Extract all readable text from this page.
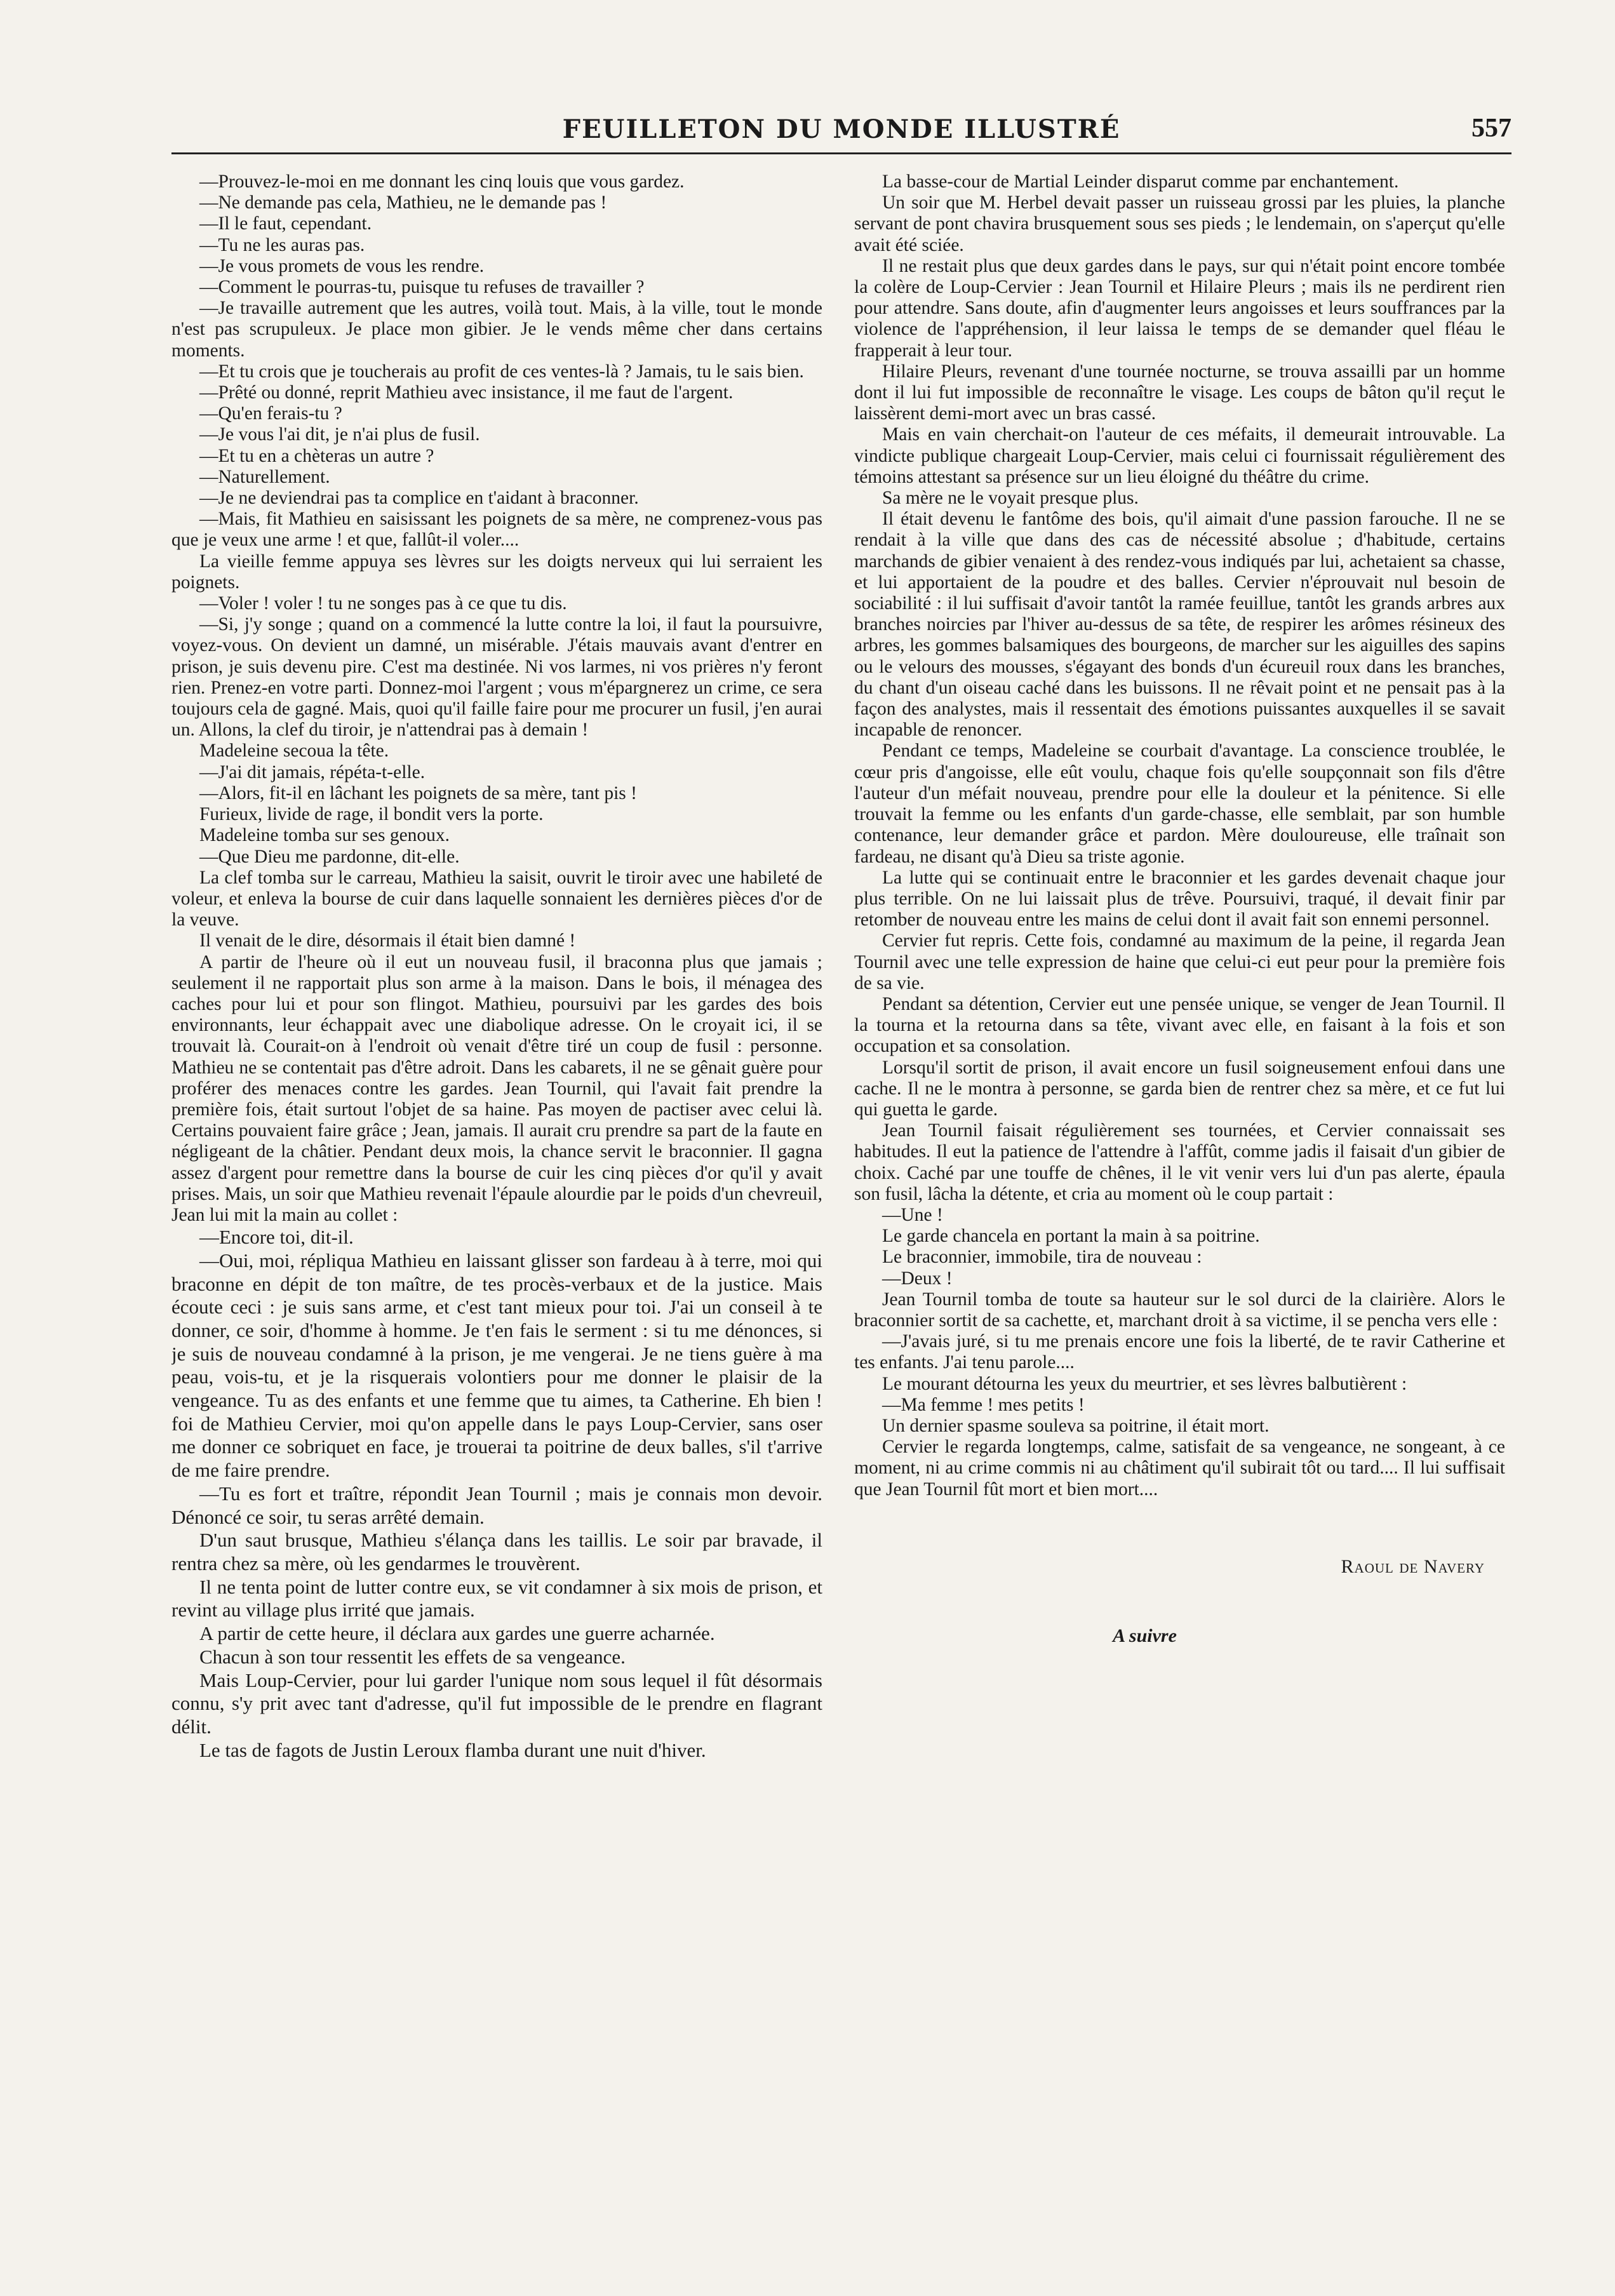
FEUILLETON DU MONDE ILLUSTRÉ	557

—Prouvez-le-moi en me donnant les cinq louis que vous gardez.

—Ne demande pas cela, Mathieu, ne le demande pas !

—Il le faut, cependant.

—Tu ne les auras pas.

—Je vous promets de vous les rendre.

—Comment le pourras-tu, puisque tu refuses de travailler ?

—Je travaille autrement que les autres, voilà tout. Mais, à la ville, tout le monde n'est pas scrupuleux. Je place mon gibier. Je le vends même cher dans certains moments.

—Et tu crois que je toucherais au profit de ces ventes-là ? Jamais, tu le sais bien.

—Prêté ou donné, reprit Mathieu avec insistance, il me faut de l'argent.

—Qu'en ferais-tu ?

—Je vous l'ai dit, je n'ai plus de fusil.

—Et tu en a chèteras un autre ?

—Naturellement.

—Je ne deviendrai pas ta complice en t'aidant à braconner.

—Mais, fit Mathieu en saisissant les poignets de sa mère, ne comprenez-vous pas que je veux une arme ! et que, fallût-il voler....

La vieille femme appuya ses lèvres sur les doigts nerveux qui lui serraient les poignets.

—Voler ! voler ! tu ne songes pas à ce que tu dis.

—Si, j'y songe ; quand on a commencé la lutte contre la loi, il faut la poursuivre, voyez-vous. On devient un damné, un misérable. J'étais mauvais avant d'entrer en prison, je suis devenu pire. C'est ma destinée. Ni vos larmes, ni vos prières n'y feront rien. Prenez-en votre parti. Donnez-moi l'argent ; vous m'épargnerez un crime, ce sera toujours cela de gagné. Mais, quoi qu'il faille faire pour me procurer un fusil, j'en aurai un. Allons, la clef du tiroir, je n'attendrai pas à demain !

Madeleine secoua la tête.

—J'ai dit jamais, répéta-t-elle.

—Alors, fit-il en lâchant les poignets de sa mère, tant pis !

Furieux, livide de rage, il bondit vers la porte.

Madeleine tomba sur ses genoux.

—Que Dieu me pardonne, dit-elle.

La clef tomba sur le carreau, Mathieu la saisit, ouvrit le tiroir avec une habileté de voleur, et enleva la bourse de cuir dans laquelle sonnaient les dernières pièces d'or de la veuve.

Il venait de le dire, désormais il était bien damné !

A partir de l'heure où il eut un nouveau fusil, il braconna plus que jamais ; seulement il ne rapportait plus son arme à la maison. Dans le bois, il ménagea des caches pour lui et pour son flingot. Mathieu, poursuivi par les gardes des bois environnants, leur échappait avec une diabolique adresse. On le croyait ici, il se trouvait là. Courait-on à l'endroit où venait d'être tiré un coup de fusil : personne. Mathieu ne se contentait pas d'être adroit. Dans les cabarets, il ne se gênait guère pour proférer des menaces contre les gardes. Jean Tournil, qui l'avait fait prendre la première fois, était surtout l'objet de sa haine. Pas moyen de pactiser avec celui là. Certains pouvaient faire grâce ; Jean, jamais. Il aurait cru prendre sa part de la faute en négligeant de la châtier. Pendant deux mois, la chance servit le braconnier. Il gagna assez d'argent pour remettre dans la bourse de cuir les cinq pièces d'or qu'il y avait prises. Mais, un soir que Mathieu revenait l'épaule alourdie par le poids d'un chevreuil, Jean lui mit la main au collet :

—Encore toi, dit-il.

—Oui, moi, répliqua Mathieu en laissant glisser son fardeau à à terre, moi qui braconne en dépit de ton maître, de tes procès-verbaux et de la justice. Mais écoute ceci : je suis sans arme, et c'est tant mieux pour toi. J'ai un conseil à te donner, ce soir, d'homme à homme. Je t'en fais le serment : si tu me dénonces, si je suis de nouveau condamné à la prison, je me vengerai. Je ne tiens guère à ma peau, vois-tu, et je la risquerais volontiers pour me donner le plaisir de la vengeance. Tu as des enfants et une femme que tu aimes, ta Catherine. Eh bien ! foi de Mathieu Cervier, moi qu'on appelle dans le pays Loup-Cervier, sans oser me donner ce sobriquet en face, je trouerai ta poitrine de deux balles, s'il t'arrive de me faire prendre.

—Tu es fort et traître, répondit Jean Tournil ; mais je connais mon devoir. Dénoncé ce soir, tu seras arrêté demain.

D'un saut brusque, Mathieu s'élança dans les taillis. Le soir par bravade, il rentra chez sa mère, où les gendarmes le trouvèrent.

Il ne tenta point de lutter contre eux, se vit condamner à six mois de prison, et revint au village plus irrité que jamais.

A partir de cette heure, il déclara aux gardes une guerre acharnée.

Chacun à son tour ressentit les effets de sa vengeance.

Mais Loup-Cervier, pour lui garder l'unique nom sous lequel il fût désormais connu, s'y prit avec tant d'adresse, qu'il fut impossible de le prendre en flagrant délit.

Le tas de fagots de Justin Leroux flamba durant une nuit d'hiver.

La basse-cour de Martial Leinder disparut comme par enchantement.

Un soir que M. Herbel devait passer un ruisseau grossi par les pluies, la planche servant de pont chavira brusquement sous ses pieds ; le lendemain, on s'aperçut qu'elle avait été sciée.

Il ne restait plus que deux gardes dans le pays, sur qui n'était point encore tombée la colère de Loup-Cervier : Jean Tournil et Hilaire Pleurs ; mais ils ne perdirent rien pour attendre. Sans doute, afin d'augmenter leurs angoisses et leurs souffrances par la violence de l'appréhension, il leur laissa le temps de se demander quel fléau le frapperait à leur tour.

Hilaire Pleurs, revenant d'une tournée nocturne, se trouva assailli par un homme dont il lui fut impossible de reconnaître le visage. Les coups de bâton qu'il reçut le laissèrent demi-mort avec un bras cassé.

Mais en vain cherchait-on l'auteur de ces méfaits, il demeurait introuvable. La vindicte publique chargeait Loup-Cervier, mais celui ci fournissait régulièrement des témoins attestant sa présence sur un lieu éloigné du théâtre du crime.

Sa mère ne le voyait presque plus.

Il était devenu le fantôme des bois, qu'il aimait d'une passion farouche. Il ne se rendait à la ville que dans des cas de nécessité absolue ; d'habitude, certains marchands de gibier venaient à des rendez-vous indiqués par lui, achetaient sa chasse, et lui apportaient de la poudre et des balles. Cervier n'éprouvait nul besoin de sociabilité : il lui suffisait d'avoir tantôt la ramée feuillue, tantôt les grands arbres aux branches noircies par l'hiver au-dessus de sa tête, de respirer les arômes résineux des arbres, les gommes balsamiques des bourgeons, de marcher sur les aiguilles des sapins ou le velours des mousses, s'égayant des bonds d'un écureuil roux dans les branches, du chant d'un oiseau caché dans les buissons. Il ne rêvait point et ne pensait pas à la façon des analystes, mais il ressentait des émotions puissantes auxquelles il se savait incapable de renoncer.

Pendant ce temps, Madeleine se courbait d'avantage. La conscience troublée, le cœur pris d'angoisse, elle eût voulu, chaque fois qu'elle soupçonnait son fils d'être l'auteur d'un méfait nouveau, prendre pour elle la douleur et la pénitence. Si elle trouvait la femme ou les enfants d'un garde-chasse, elle semblait, par son humble contenance, leur demander grâce et pardon. Mère douloureuse, elle traînait son fardeau, ne disant qu'à Dieu sa triste agonie.

La lutte qui se continuait entre le braconnier et les gardes devenait chaque jour plus terrible. On ne lui laissait plus de trêve. Poursuivi, traqué, il devait finir par retomber de nouveau entre les mains de celui dont il avait fait son ennemi personnel.

Cervier fut repris. Cette fois, condamné au maximum de la peine, il regarda Jean Tournil avec une telle expression de haine que celui-ci eut peur pour la première fois de sa vie.

Pendant sa détention, Cervier eut une pensée unique, se venger de Jean Tournil. Il la tourna et la retourna dans sa tête, vivant avec elle, en faisant à la fois et son occupation et sa consolation.

Lorsqu'il sortit de prison, il avait encore un fusil soigneusement enfoui dans une cache. Il ne le montra à personne, se garda bien de rentrer chez sa mère, et ce fut lui qui guetta le garde.

Jean Tournil faisait régulièrement ses tournées, et Cervier connaissait ses habitudes. Il eut la patience de l'attendre à l'affût, comme jadis il faisait d'un gibier de choix. Caché par une touffe de chênes, il le vit venir vers lui d'un pas alerte, épaula son fusil, lâcha la détente, et cria au moment où le coup partait :

—Une !

Le garde chancela en portant la main à sa poitrine.

Le braconnier, immobile, tira de nouveau :

—Deux !

Jean Tournil tomba de toute sa hauteur sur le sol durci de la clairière. Alors le braconnier sortit de sa cachette, et, marchant droit à sa victime, il se pencha vers elle :

—J'avais juré, si tu me prenais encore une fois la liberté, de te ravir Catherine et tes enfants. J'ai tenu parole....

Le mourant détourna les yeux du meurtrier, et ses lèvres balbutièrent :

—Ma femme ! mes petits !

Un dernier spasme souleva sa poitrine, il était mort.

Cervier le regarda longtemps, calme, satisfait de sa vengeance, ne songeant, à ce moment, ni au crime commis ni au châtiment qu'il subirait tôt ou tard.... Il lui suffisait que Jean Tournil fût mort et bien mort....

Raoul de Navery
A suivre
